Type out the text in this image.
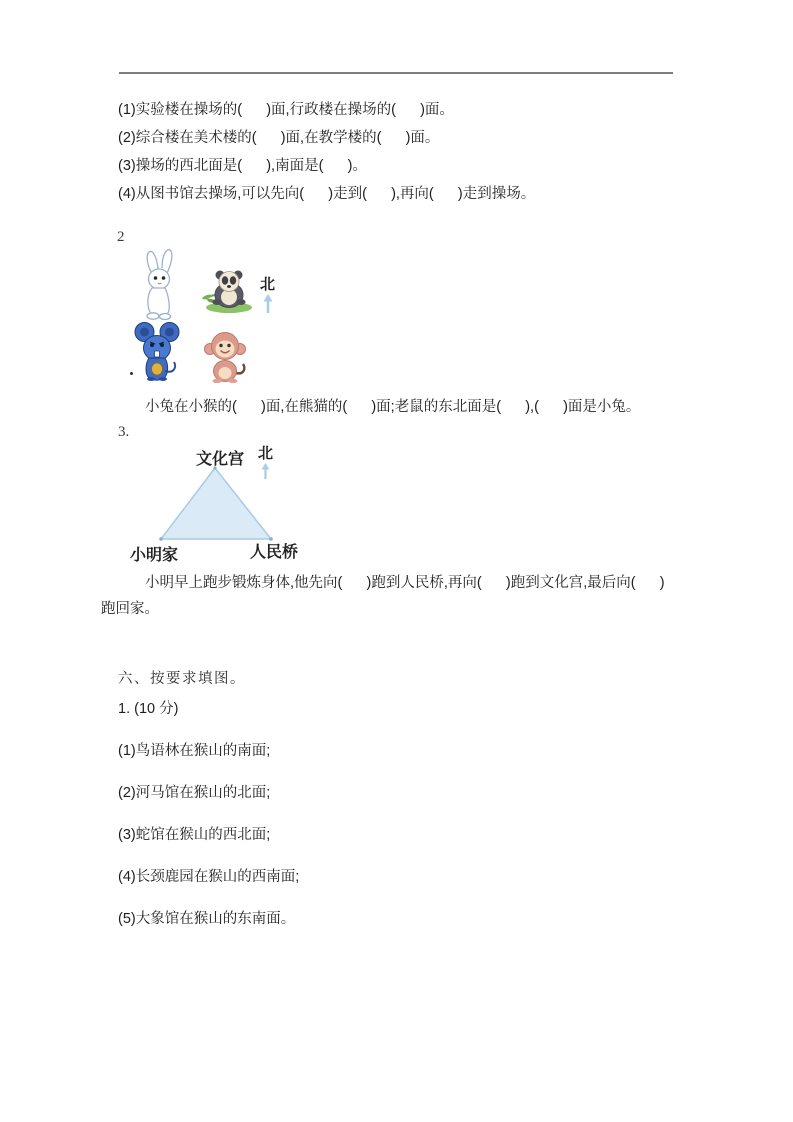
(1)实验楼在操场的(      )面,行政楼在操场的(      )面。
(2)综合楼在美术楼的(      )面,在教学楼的(      )面。
(3)操场的西北面是(      ),南面是(      )。
(4)从图书馆去操场,可以先向(      )走到(      ),再向(      )走到操场。
2
北
小兔在小猴的(      )面,在熊猫的(      )面;老鼠的东北面是(      ),(      )面是小兔。
3.
文化宫 北
小明家	人民桥
小明早上跑步锻炼身体,他先向(      )跑到人民桥,再向(      )跑到文化宫,最后向(      )
跑回家。
六、按要求填图。
1. (10 分)
(1)鸟语林在猴山的南面;
(2)河马馆在猴山的北面;
(3)蛇馆在猴山的西北面;
(4)长颈鹿园在猴山的西南面;
(5)大象馆在猴山的东南面。
